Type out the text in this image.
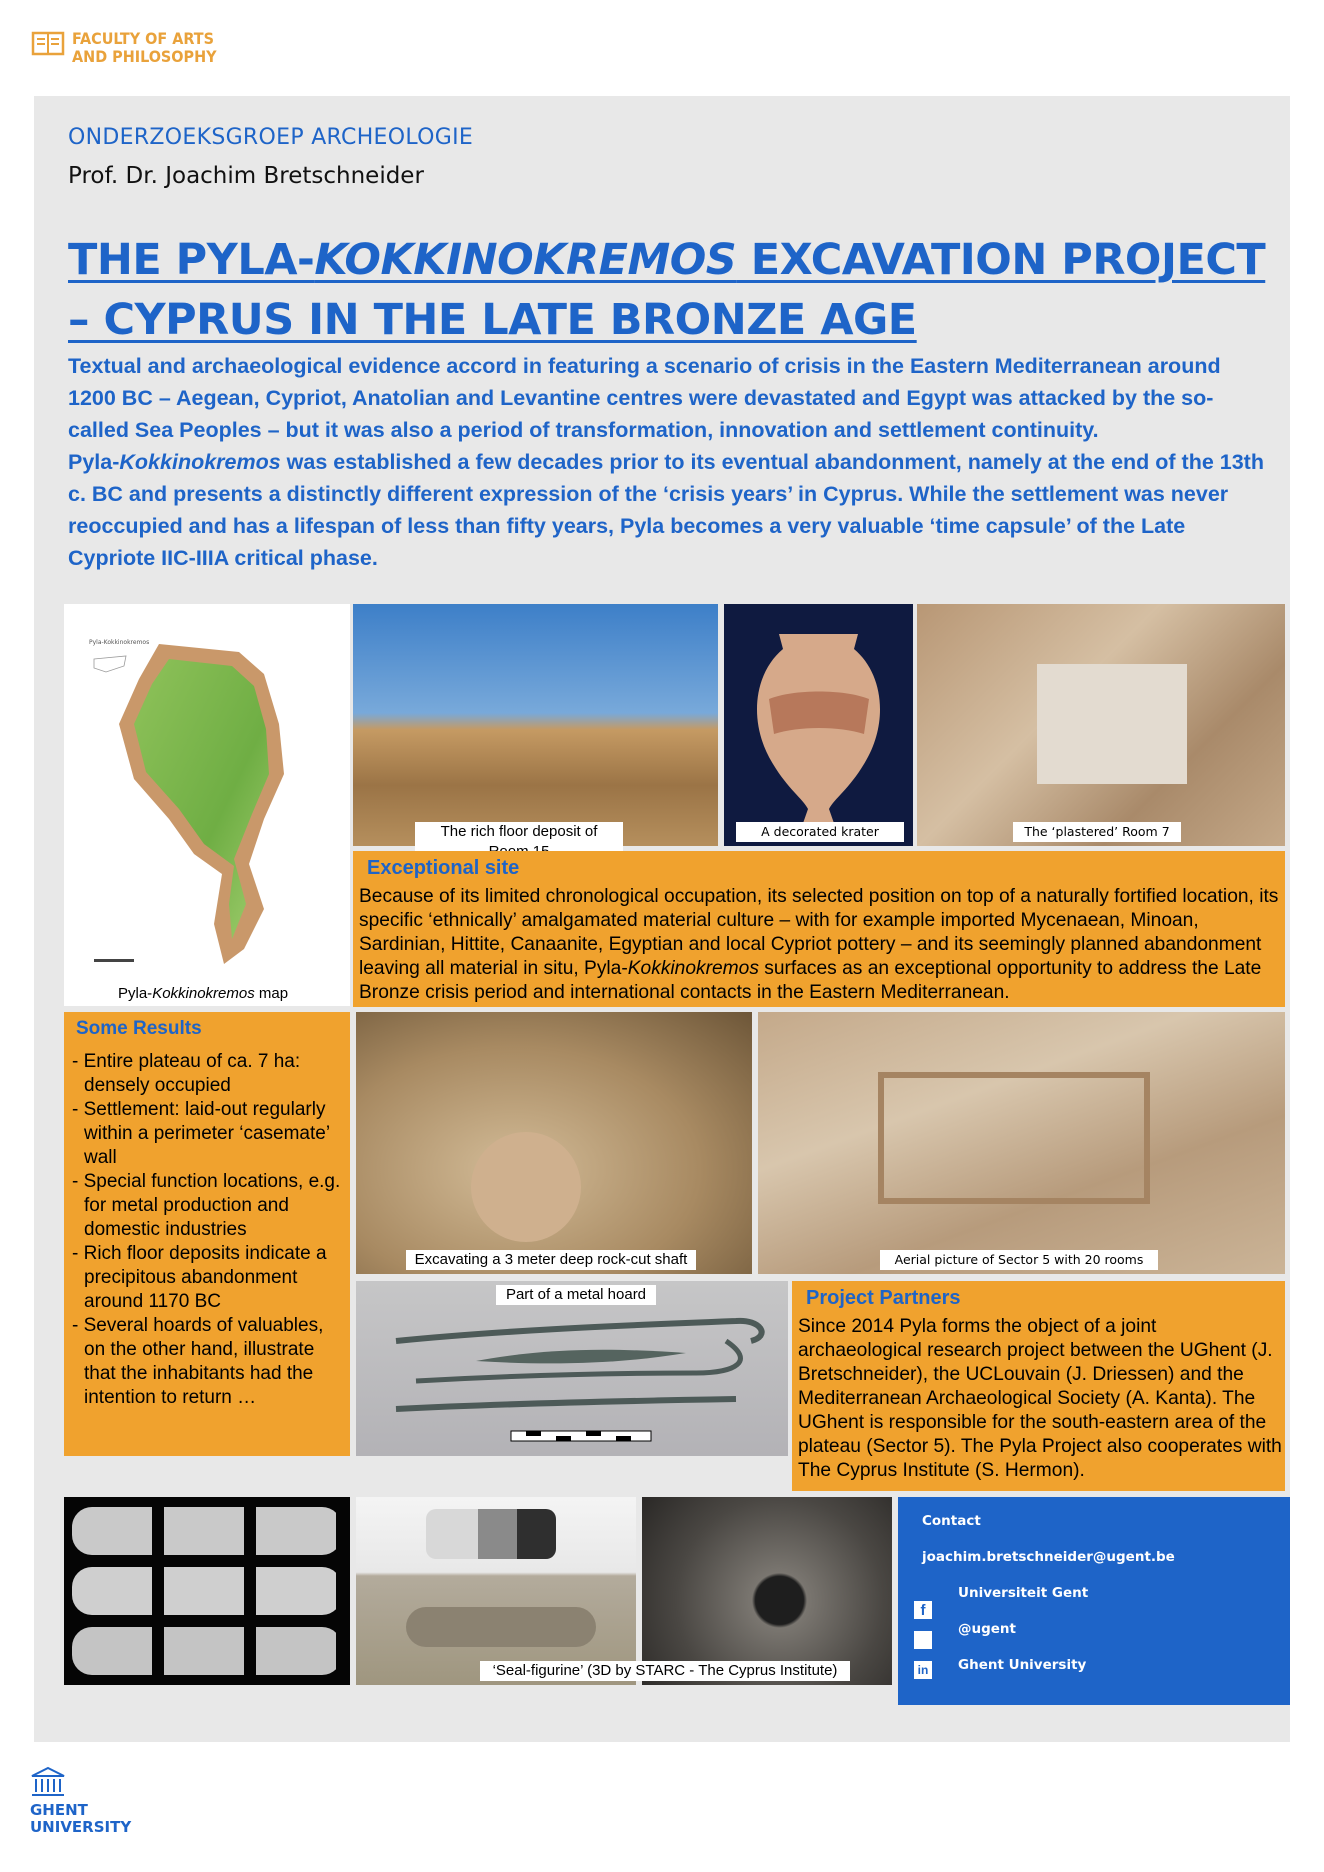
FACULTY OF ARTS
AND PHILOSOPHY
ONDERZOEKSGROEP ARCHEOLOGIE
Prof. Dr. Joachim Bretschneider
THE PYLA-KOKKINOKREMOS EXCAVATION PROJECT – CYPRUS IN THE LATE BRONZE AGE

Textual and archaeological evidence accord in featuring a scenario of crisis in the Eastern Mediterranean around 1200 BC – Aegean, Cypriot, Anatolian and Levantine centres were devastated and Egypt was attacked by the so-called Sea Peoples – but it was also a period of transformation, innovation and settlement continuity.

Pyla-Kokkinokremos was established a few decades prior to its eventual abandonment, namely at the end of the 13th c. BC and presents a distinctly different expression of the ‘crisis years’ in Cyprus. While the settlement was never reoccupied and has a lifespan of less than fifty years, Pyla becomes a very valuable ‘time capsule’ of the Late Cypriote IIC-IIIA critical phase.

Pyla-Kokkinokremos
Pyla-Kokkinokremos map
The rich floor deposit of	A decorated krater	The ‘plastered’ Room 7
Exceptional site
Because of its limited chronological occupation, its selected position on top of a naturally fortified location, its specific ‘ethnically’ amalgamated material culture – with for example imported Mycenaean, Minoan, Sardinian, Hittite, Canaanite, Egyptian and local Cypriot pottery – and its seemingly planned abandonment leaving all material in situ, Pyla-Kokkinokremos surfaces as an exceptional opportunity to address the Late Bronze crisis period and international contacts in the Eastern Mediterranean.
Some Results
- Entire plateau of ca. 7 ha: densely occupied
- Settlement: laid-out regularly within a perimeter ‘casemate’ wall
- Special function locations, e.g. for metal production and domestic industries
- Rich floor deposits indicate a precipitous abandonment around 1170 BC
- Several hoards of valuables, on the other hand, illustrate that the inhabitants had the intention to return …
Excavating a 3 meter deep rock-cut shaft	Aerial picture of Sector 5 with 20 rooms
Part of a metal hoard	Project Partners
Since 2014 Pyla forms the object of a joint archaeological research project between the UGhent (J. Bretschneider), the UCLouvain (J. Driessen) and the Mediterranean Archaeological Society (A. Kanta). The UGhent is responsible for the south-eastern area of the plateau (Sector 5). The Pyla Project also cooperates with The Cyprus Institute (S. Hermon).
‘Seal-figurine’ (3D by STARC - The Cyprus Institute)
Contact
joachim.bretschneider@ugent.be
f
Universiteit Gent
@ugent
in Ghent University
GHENT
UNIVERSITY
